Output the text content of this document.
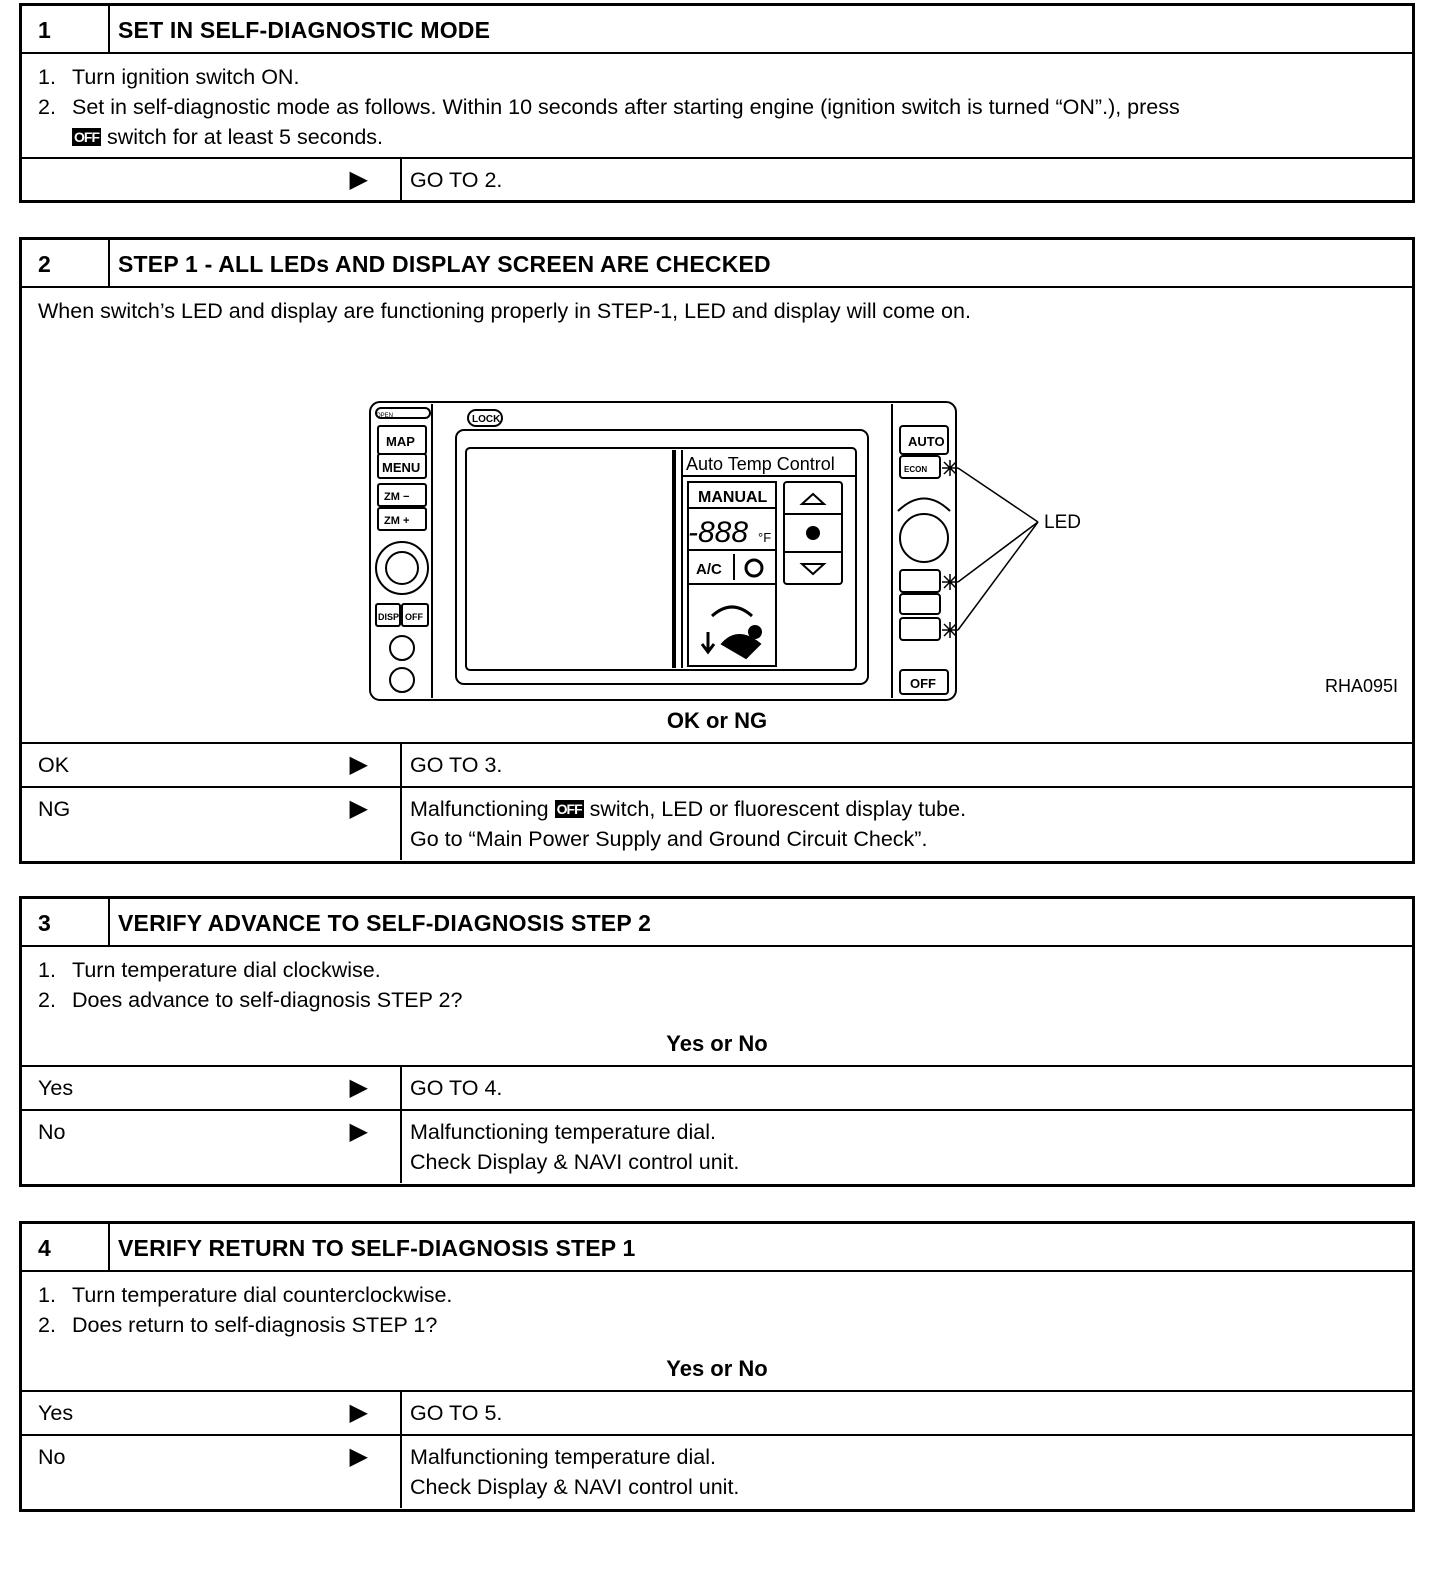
1	SET IN SELF-DIAGNOSTIC MODE
1. Turn ignition switch ON.
2. Set in self-diagnostic mode as follows. Within 10 seconds after starting engine (ignition switch is turned “ON”.), press
OFF switch for at least 5 seconds.
▶	GO TO 2.
2	STEP 1 - ALL LEDs AND DISPLAY SCREEN ARE CHECKED
When switch’s LED and display are functioning properly in STEP-1, LED and display will come on.
OPEN	LOCK
MAP
MENU
ZM −
ZM +
DISP OFF
AUTO
ECON
OFF
Auto Temp Control
MANUAL
-888 °F
A/C
LED
RHA095I
OK or NG
OK	▶	GO TO 3.
NG	▶	Malfunctioning OFF switch, LED or fluorescent display tube.
Go to “Main Power Supply and Ground Circuit Check”.
3	VERIFY ADVANCE TO SELF-DIAGNOSIS STEP 2
1. Turn temperature dial clockwise.
2. Does advance to self-diagnosis STEP 2?
Yes or No
Yes	▶	GO TO 4.
No	▶	Malfunctioning temperature dial.
Check Display & NAVI control unit.
4	VERIFY RETURN TO SELF-DIAGNOSIS STEP 1
1. Turn temperature dial counterclockwise.
2. Does return to self-diagnosis STEP 1?
Yes or No
Yes	▶	GO TO 5.
No	▶	Malfunctioning temperature dial.
Check Display & NAVI control unit.
